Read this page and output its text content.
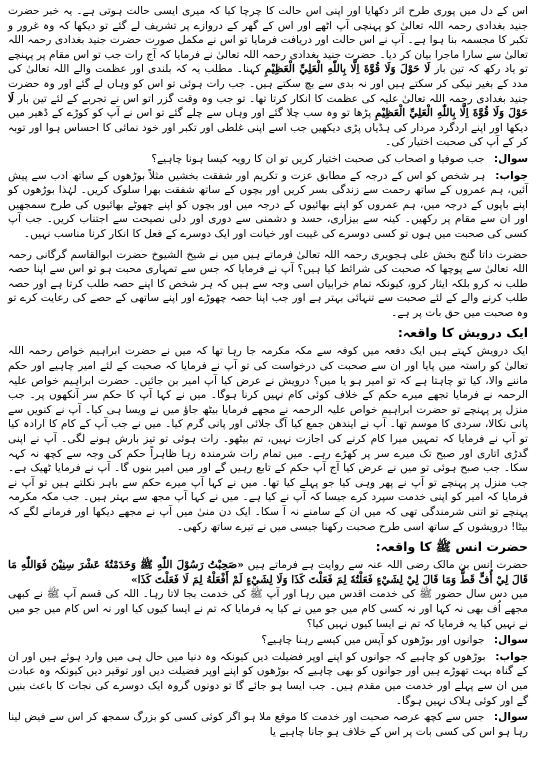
اس کے دل میں پوری طرح اثر دکھایا اور اپنی اس حالت کا چرچا کیا کہ میری ایسی حالت ہوتی ہے۔ یہ خبر حضرت جنید بغدادی رحمہ اللہ تعالیٰ کو پہنچی آپ اٹھے اور اس کے گھر کے دروازے پر تشریف لے گئے تو دیکھا کہ وہ غرور و تکبر کا مجسمہ بنا ہوا ہے۔ آپ نے اس حالت اور دریافت فرمایا تو اس نے مکمل صورت حضرت جنید بغدادی رحمہ اللہ تعالیٰ سے سارا ماجرا بیان کر دیا۔ حضرت جنید بغدادی رحمہ اللہ تعالیٰ نے فرمایا کہ آج رات جب تو اس مقام پر پہنچے تو یاد رکھ کہ تین بار لَا حَوْلَ وَلَا قُوَّةَ اِلَّا بِاللّٰهِ الْعَلِيِّ الْعَظِيْمِ کہنا۔ مطلب یہ کہ بلندی اور عظمت والے اللہ تعالیٰ کی مدد کے بغیر نیکی کر سکتے ہیں اور نہ بدی سے بچ سکتے ہیں۔ جب رات ہوئی تو اس کو وہاں لے گئے اور وہ حضرت جنید بغدادی رحمہ اللہ تعالیٰ علیہ کی عظمت کا انکار کرتا تھا۔ تو جب وہ وقت گزر اتو اس نے تجربے کے لئے تین بار لَا حَوْلَ وَلَا قُوَّةَ اِلَّا بِاللّٰهِ الْعَلِيِّ الْعَظِيْمِ پڑھا تو وہ سب چلا گئے اور وہاں سے چلے گئے تو اس نے آپ کو کوڑے کے ڈھیر میں دیکھا اور اپنے اردگرد مردار کی ہڈیاں پڑی دیکھیں جب اسے اپنی غلطی اور تکبر اور خود نمائی کا احساس ہوا اور توبہ کر کے آپ کی صحبت اختیار کی۔

سوال: جب صوفیا و اصحاب کی صحبت اختیار کریں تو ان کا رویہ کیسا ہونا چاہیے؟

جواب: ہر شخص کو اس کے درجہ کے مطابق عزت و تکریم اور شفقت بخشیں مثلاً بوڑھوں کے ساتھ ادب سے پیش آئیں، ہم عمروں کے ساتھ رحمت سے زندگی بسر کریں اور بچوں کے ساتھ شفقت بھرا سلوک کریں۔ لہٰذا بوڑھوں کو اپنے باپوں کے درجہ میں، ہم عمروں کو اپنے بھائیوں کے درجہ میں اور بچوں کو اپنے چھوٹے بھائیوں کی طرح سمجھیں اور ان سے مقام پر رکھیں۔ کینہ سے بیزاری، حسد و دشمنی سے دوری اور دلی نصیحت سے اجتناب کریں۔ جب آپ کسی کی صحبت میں ہوں تو کسی دوسرے کی غیبت اور خیانت اور ایک دوسرے کے فعل کا انکار کرنا مناسب نہیں۔

حضرت داتا گنج بخش علی ہجویری رحمہ اللہ تعالیٰ فرماتے ہیں میں نے شیخ الشیوخ حضرت ابوالقاسم گرگانی رحمہ اللہ تعالیٰ سے پوچھا کہ صحبت کی شرائط کیا ہیں؟ آپ نے فرمایا کہ جس سے تمہاری محبت ہو تو اس سے اپنا حصہ طلب نہ کرو بلکہ ایثار کرو، کیونکہ تمام خرابیاں اسی وجہ سے ہیں کہ ہر شخص کا اپنے حصہ طلب کرتا ہے اور حصہ طلب کرنے والے کے لئے صحبت سے تنہائی بہتر ہے اور جب اپنا حصہ چھوڑے اور اپنے ساتھی کے حصے کی رعایت کرے تو وہ صحبت میں حق بات پر ہے۔

ایک درویش کا واقعہ:

ایک درویش کہتے ہیں ایک دفعہ میں کوفہ سے مکہ مکرمہ جا رہا تھا کہ میں نے حضرت ابراہیم خواص رحمہ اللہ تعالیٰ کو راستہ میں پایا اور ان سے صحبت کی درخواست کی تو آپ نے فرمایا کہ صحبت کے لئے امیر چاہیے اور حکم ماننے والا، کیا تو چاہتا ہے کہ تو امیر ہو یا میں؟ درویش نے عرض کیا آپ امیر بن جائیں۔ حضرت ابراہیم خواص علیہ الرحمہ نے فرمایا تجھے میرے حکم کے خلاف کوئی کام نہیں کرنا ہوگا۔ میں نے کہا آپ کا حکم سر آنکھوں پر۔ جب منزل پر پہنچے تو حضرت ابراہیم خواص علیہ الرحمہ نے مجھے فرمایا بیٹھ جاؤ میں نے ویسا ہی کیا۔ آپ نے کنویں سے پانی نکالا، سردی کا موسم تھا۔ آپ نے ایندھن جمع کیا آگ جلائی اور پانی گرم کیا۔ میں نے جب آپ کے کام کا ارادہ کیا تو آپ نے فرمایا کہ تمہیں میرا کام کرنے کی اجازت نہیں، تم بیٹھو۔ رات ہوئی تو تیز بارش ہونے لگی۔ آپ نے اپنی گدڑی اتاری اور صبح تک میرے سر پر کھڑے رہے۔ میں تمام رات شرمندہ رہا ظاہراً حکم کی وجہ سے کچھ نہ کہہ سکا۔ جب صبح ہوئی تو میں نے عرض کیا آج آپ حکم کے تابع رہیں گے اور میں امیر بنوں گا۔ آپ نے فرمایا ٹھیک ہے۔ جب منزل پر پہنچے تو آپ نے پھر وہی کیا جو پہلے کیا تھا۔ میں نے کہا آپ میرے حکم سے باہر نکلتے ہیں تو آپ نے فرمایا کہ امیر کو اپنی خدمت سپرد کرے جیسا کہ آپ نے کیا ہے۔ میں نے کہا آپ مجھ سے بہتر ہیں۔ جب مکہ مکرمہ پہنچے تو اتنی شرمندگی تھی کہ میں ان کے سامنے نہ آ سکا۔ ایک دن منیٰ میں آپ نے مجھے دیکھا اور فرمانے لگے کہ بیٹا! درویشوں کے ساتھ اسی طرح صحبت رکھنا جیسی میں نے تیرے ساتھ رکھی۔

حضرت انس ﷺ کا واقعہ:

حضرت انس بن مالک رضی اللہ عنہ سے روایت ہے فرماتے ہیں «صَحِبْتُ رَسُوْلَ اللّٰهِ ﷺ وَخَدَمْتُهٗ عَشْرَ سِنِيْنَ فَوَاللّٰهِ مَا قَالَ لِيْ أُفٍّ قَطُّ وَمَا قَالَ لِيْ لِشَيْءٍ فَعَلْتُهٗ لِمَ فَعَلْتَ كَذَا وَلَا لِشَيْءٍ لَمْ أَفْعَلْهُ لِمَ لَا فَعَلْتَ كَذَا»

میں دس سال حضور ﷺ کی خدمت اقدس میں رہا اور آپ ﷺ کی خدمت بجا لاتا رہا۔ اللہ کی قسم آپ ﷺ نے کبھی مجھے اُف بھی نہ کہا اور نہ کسی کام میں جو میں نے کیا یہ فرمایا کہ تم نے ایسا کیوں کیا اور نہ اس کام میں جو میں نے نہیں کیا یہ فرمایا کہ تم نے ایسا کیوں نہیں کیا؟

سوال: جوانوں اور بوڑھوں کو آپس میں کیسے رہنا چاہیے؟

جواب: بوڑھوں کو چاہیے کہ جوانوں کو اپنے اوپر فضیلت دیں کیونکہ وہ دنیا میں حال ہی میں وارد ہوئے ہیں اور ان کے گناہ بہت تھوڑے ہیں اور جوانوں کو بھی چاہیے کہ بوڑھوں کو اپنے اوپر فضیلت دیں اور توقیر دیں کیونکہ وہ عبادت میں ان سے پہلے اور خدمت میں مقدم ہیں۔ جب ایسا ہو جائے گا تو دونوں گروہ ایک دوسرے کی نجات کا باعث بنیں گے اور کوئی ہلاک نہیں ہوگا۔

سوال: جس سے کچھ عرصہ صحبت اور خدمت کا موقع ملا ہو اگر کوئی کسی کو بزرگ سمجھ کر اس سے فیض لینا رہا ہو اس کی کسی بات پر اس کے خلاف ہو جانا چاہیے یا
